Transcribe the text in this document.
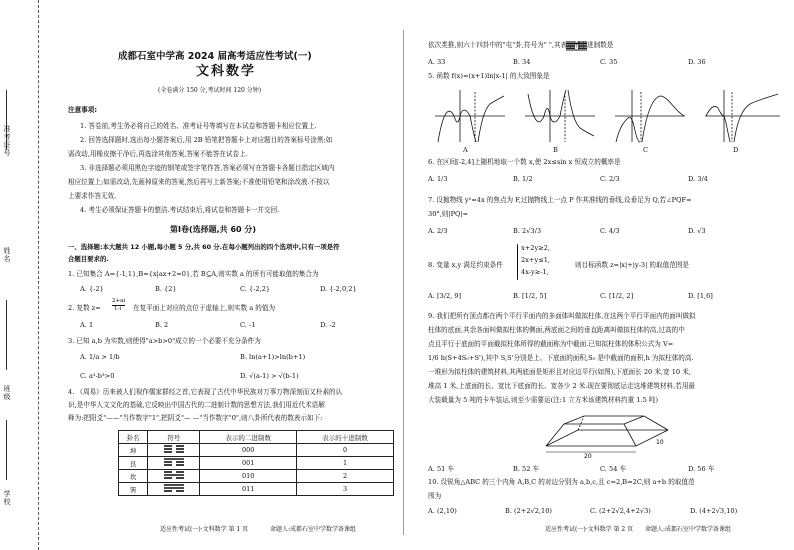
准考证号
姓名
班级
学校
成都石室中学高 2024 届高考适应性考试(一)
文科数学
(全卷满分 150 分,考试时间 120 分钟)
注意事项:
1. 答卷前,考生务必将自己的姓名、准考证号等填写在本试卷和答题卡相应位置上.
2. 回答选择题时,选出每小题答案后,用 2B 铅笔把答题卡上对应题目的答案标号涂黑;如
需改动,用橡皮擦干净后,再选涂其他答案,答案不能答在试卷上.
3. 非选择题必须用黑色字迹的钢笔或签字笔作答,答案必须写在答题卡各题目指定区域内
相应位置上;如需改动,先画掉原来的答案,然后再写上新答案;不准使用铅笔和涂改液.不按以
上要求作答无效.
4. 考生必须保证答题卡的整洁.考试结束后,将试卷和答题卡一并交回.
第Ⅰ卷(选择题,共 60 分)
一、选择题:本大题共 12 小题,每小题 5 分,共 60 分.在每小题列出的四个选项中,只有一项是符
合题目要求的.
1. 已知集合 A={-1,1},B={x|ax+2=0},若 B⊆A,则实数 a 的所有可能取值的集合为
A. {-2}	B. {2}	C. {-2,2}	D. {-2,0,2}
2. 复数 z=
2+ai
1-i 在复平面上对应的点位于虚轴上,则实数 a 的值为
A. 1	B. 2	C. -1	D. -2
3. 已知 a,b 为实数,则使得"a>b>0"成立的一个必要不充分条件为
A. 1/a > 1/b	B. ln(a+1)>ln(b+1)
C. a³-b³>0	D. √(a-1) > √(b-1)
4. 《周易》历来被人们视作儒家群经之首,它表现了古代中华民族对万事万物深刻而又朴素的认
识,是中华人文文化的基础,它反映出中国古代的二进制计数的思想方法,我们用近代术语解
释为:把阳爻"——"当作数字"1",把阴爻"— —"当作数字"0",则八卦所代表的数表示如下:
卦名	符号	表示的二进制数	表示的十进制数
坤		000	0
艮		001	1
坎		010	2
巽		011	3
适应性考试(一)·文科数学 第 1 页	命题人:成都石室中学数学备课组
依次类推,则六十四卦中的"屯"卦,符号为" ",其表示的十进制数是
A. 33	B. 34	C. 35	D. 36
5. 函数 f(x)=(x+1)ln|x-1| 的大致图象是
A	B	C	D
6. 在区间[-2,4]上随机地取一个数 x,使 2x≤sin x 恒成立的概率是
A. 1/3	B. 1/2	C. 2/3	D. 3/4
7. 设抛物线 y²=4x 的焦点为 F,过抛物线上一点 P 作其准线的垂线,设垂足为 Q,若∠PQF=
30°,则|PQ|=
A. 2/3	B. 2√3/3	C. 4/3	D. √3
8. 变量 x,y 满足约束条件
x+2y≥2,
2x+y≤1,
4x-y≥-1,
则目标函数 z=|x|+|y-3| 的取值范围是
A. [3/2, 9]	B. [1/2, 5]	C. [1/2, 2]	D. [1,6]
9. 我们把所有顶点都在两个平行平面内的多面体叫做拟柱体,在这两个平行平面内的面叫做拟
柱体的底面,其余各面叫做拟柱体的侧面,两底面之间的垂直距离叫做拟柱体的高,过高的中
点且平行于底面的平面截拟柱体所得的截面称为中截面.已知拟柱体的体积公式为 V=
1/6 h(S+4S₀+S'),其中 S,S'分别是上、下底面的面积,S₀ 是中截面的面积,h 为拟柱体的高.
一堆形为拟柱体的建筑材料,其两底面是矩形且对应边平行(如图),下底面长 20 米,宽 10 米,
堆高 1 米,上底面的长、宽比下底面的长、宽各少 2 米.现在要彻底运走这堆建筑材料,若用最
大装载量为 5 吨的卡车装运,则至少需要运(注:1 立方米该建筑材料约重 1.5 吨)
20
10
A. 51 车	B. 52 车	C. 54 车	D. 56 车
10. 设锐角△ABC 的三个内角 A,B,C 的对边分别为 a,b,c,且 c=2,B=2C,则 a+b 的取值范
围为
A. (2,10)	B. (2+2√2,10)	C. (2+2√2,4+2√3)	D. (4+2√3,10)
适应性考试(一)·文科数学 第 2 页 命题人:成都石室中学数学备课组
